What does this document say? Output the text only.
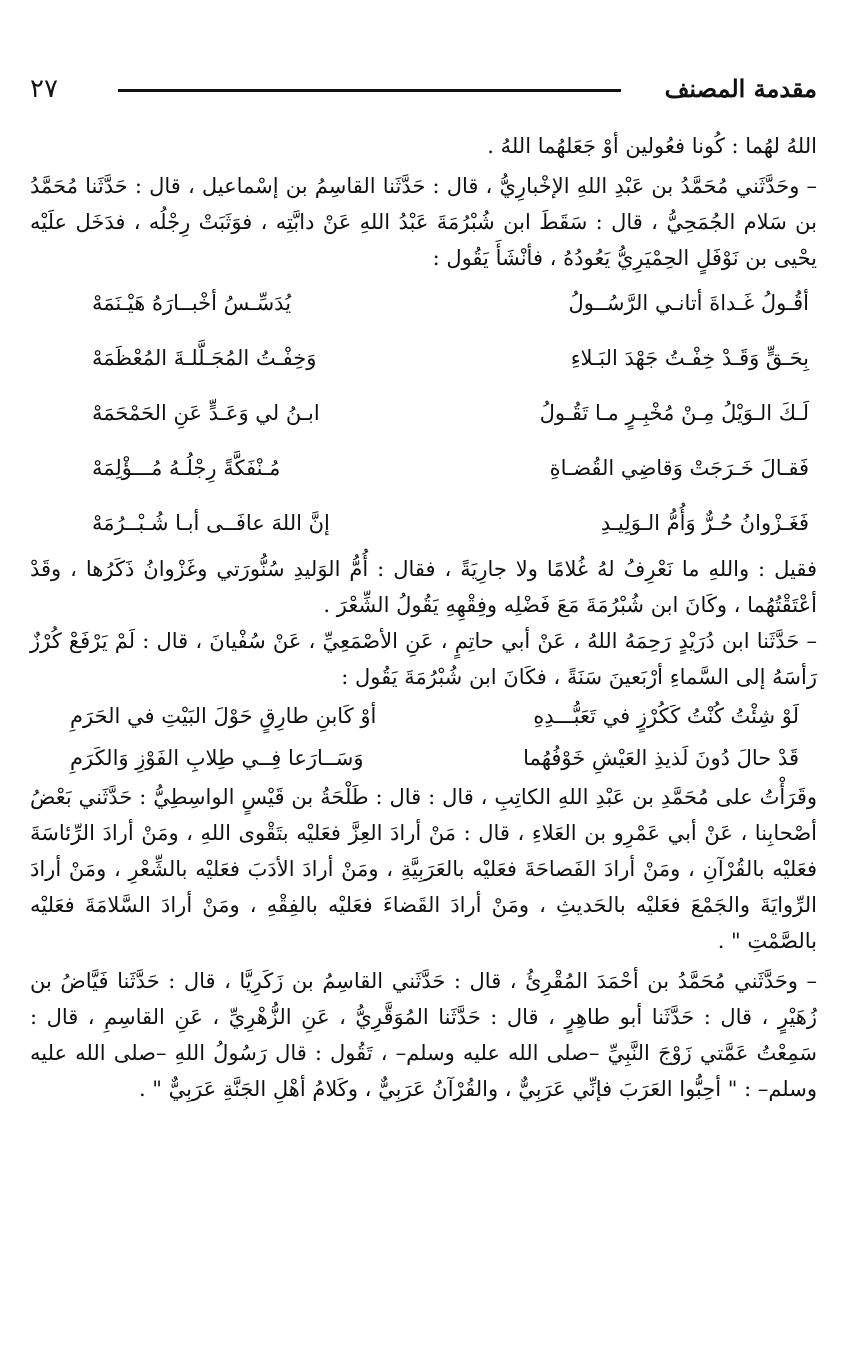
٢٧	مقدمة المصنف

اللهُ لهُما : كُونا فعُولين أوْ جَعَلهُما اللهُ .

– وحَدَّثَني مُحَمَّدُ بن عَبْدِ اللهِ الإخْبارِيُّ ، قال : حَدَّثَنا القاسِمُ بن إسْماعيل ، قال : حَدَّثَنا مُحَمَّدُ بن سَلام الجُمَحِيُّ ، قال : سَقَطَ ابن شُبْرُمَةَ عَبْدُ اللهِ عَنْ دابَّتِه ، فوَثَبَتْ رِجْلُه ، فدَخَل علَيْه يحْيى بن نَوْفَلٍ الحِمْيَرِيُّ يَعُودُهُ ، فأنْشَأَ يَقُول :

أقُـولُ غَـداةَ أتانـي الرَّسُــولُ
يُدَسِّـسُ أخْبــارَهُ هَيْـنَمَهْ
بِحَـقٍّ وَقَـدْ خِفْـتُ جَهْدَ البَـلاءِ
وَخِفْـتُ المُجَـلَّلـةَ المُعْظَمَهْ
لَـكَ الـوَيْلُ مِـنْ مُخْبِـرٍ مـا تَقُـولُ
ابـنُ لي وَعَـدٍّ عَنِ الحَمْحَمَهْ
فَقـالَ خَـرَجَتْ وَقاضِي القُضـاةِ
مُـنْفَكَّةً رِجْلُـهُ مُـــؤْلِمَهْ
فَغَـزْوانُ حُـرٌّ وَأُمُّ الـوَلِيـدِ
إنَّ اللهَ عافَــى أبـا شُـبْــرُمَهْ

فقيل : واللهِ ما نَعْرِفُ لهُ غُلامًا ولا جارِيَةً ، فقال : أُمُّ الوَليدِ سُنُّورَتي وغَزْوانُ ذَكَرُها ، وقَدْ أعْتَقْتُهُما ، وكَانَ ابن شُبْرُمَةَ مَعَ فَضْلِه وفِقْهِهِ يَقُولُ الشِّعْرَ .

– حَدَّثَنا ابن دُرَيْدٍ رَحِمَهُ اللهُ ، عَنْ أبي حاتِمٍ ، عَنِ الأصْمَعِيِّ ، عَنْ سُفْيانَ ، قال : لَمْ يَرْفَعْ كُرْزٌ رَأسَهُ إلى السَّماءِ أرْبَعينَ سَنَةً ، فكَانَ ابن شُبْرُمَةَ يَقُول :

لَوْ شِئْتُ كُنْتُ كَكُرْزٍ في تَعَبُّـــدِهِ
أوْ كَابنِ طارِقٍ حَوْلَ البَيْتِ في الحَرَمِ
قَدْ حالَ دُونَ لَذيذِ العَيْشِ خَوْفُهُما
وَسَــارَعا فِــي طِلابِ الفَوْزِ وَالكَرَمِ

وقَرَأْتُ على مُحَمَّدِ بن عَبْدِ اللهِ الكاتِبِ ، قال : قال : طَلْحَةُ بن قَيْسٍ الواسِطِيُّ : حَدَّثَني بَعْضُ أصْحابِنا ، عَنْ أبي عَمْرِو بن العَلاءِ ، قال : مَنْ أرادَ العِزَّ فعَليْه بتَقْوى اللهِ ، ومَنْ أرادَ الرِّئاسَةَ فعَليْه بالقُرْآنِ ، ومَنْ أرادَ الفَصاحَةَ فعَليْه بالعَرَبِيَّةِ ، ومَنْ أرادَ الأدَبَ فعَليْه بالشِّعْرِ ، ومَنْ أرادَ الرِّوايَةَ والجَمْعَ فعَليْه بالحَديثِ ، ومَنْ أرادَ القَضاءَ فعَليْه بالفِقْهِ ، ومَنْ أرادَ السَّلامَةَ فعَليْه بالصَّمْتِ " .

– وحَدَّثَني مُحَمَّدُ بن أحْمَدَ المُقْرِئُ ، قال : حَدَّثَني القاسِمُ بن زَكَرِيَّا ، قال : حَدَّثَنا فَيَّاضُ بن زُهَيْرٍ ، قال : حَدَّثَنا أبو طاهِرٍ ، قال : حَدَّثَنا المُوَقَّرِيُّ ، عَنِ الزُّهْرِيِّ ، عَنِ القاسِمِ ، قال : سَمِعْتُ عَمَّتي زَوْجَ النَّبِيِّ –صلى الله عليه وسلم– ، تَقُول : قال رَسُولُ اللهِ –صلى الله عليه وسلم– : " أحِبُّوا العَرَبَ فإنِّي عَرَبِيٌّ ، والقُرْآنُ عَرَبِيٌّ ، وكَلامُ أهْلِ الجَنَّةِ عَرَبِيٌّ " .
